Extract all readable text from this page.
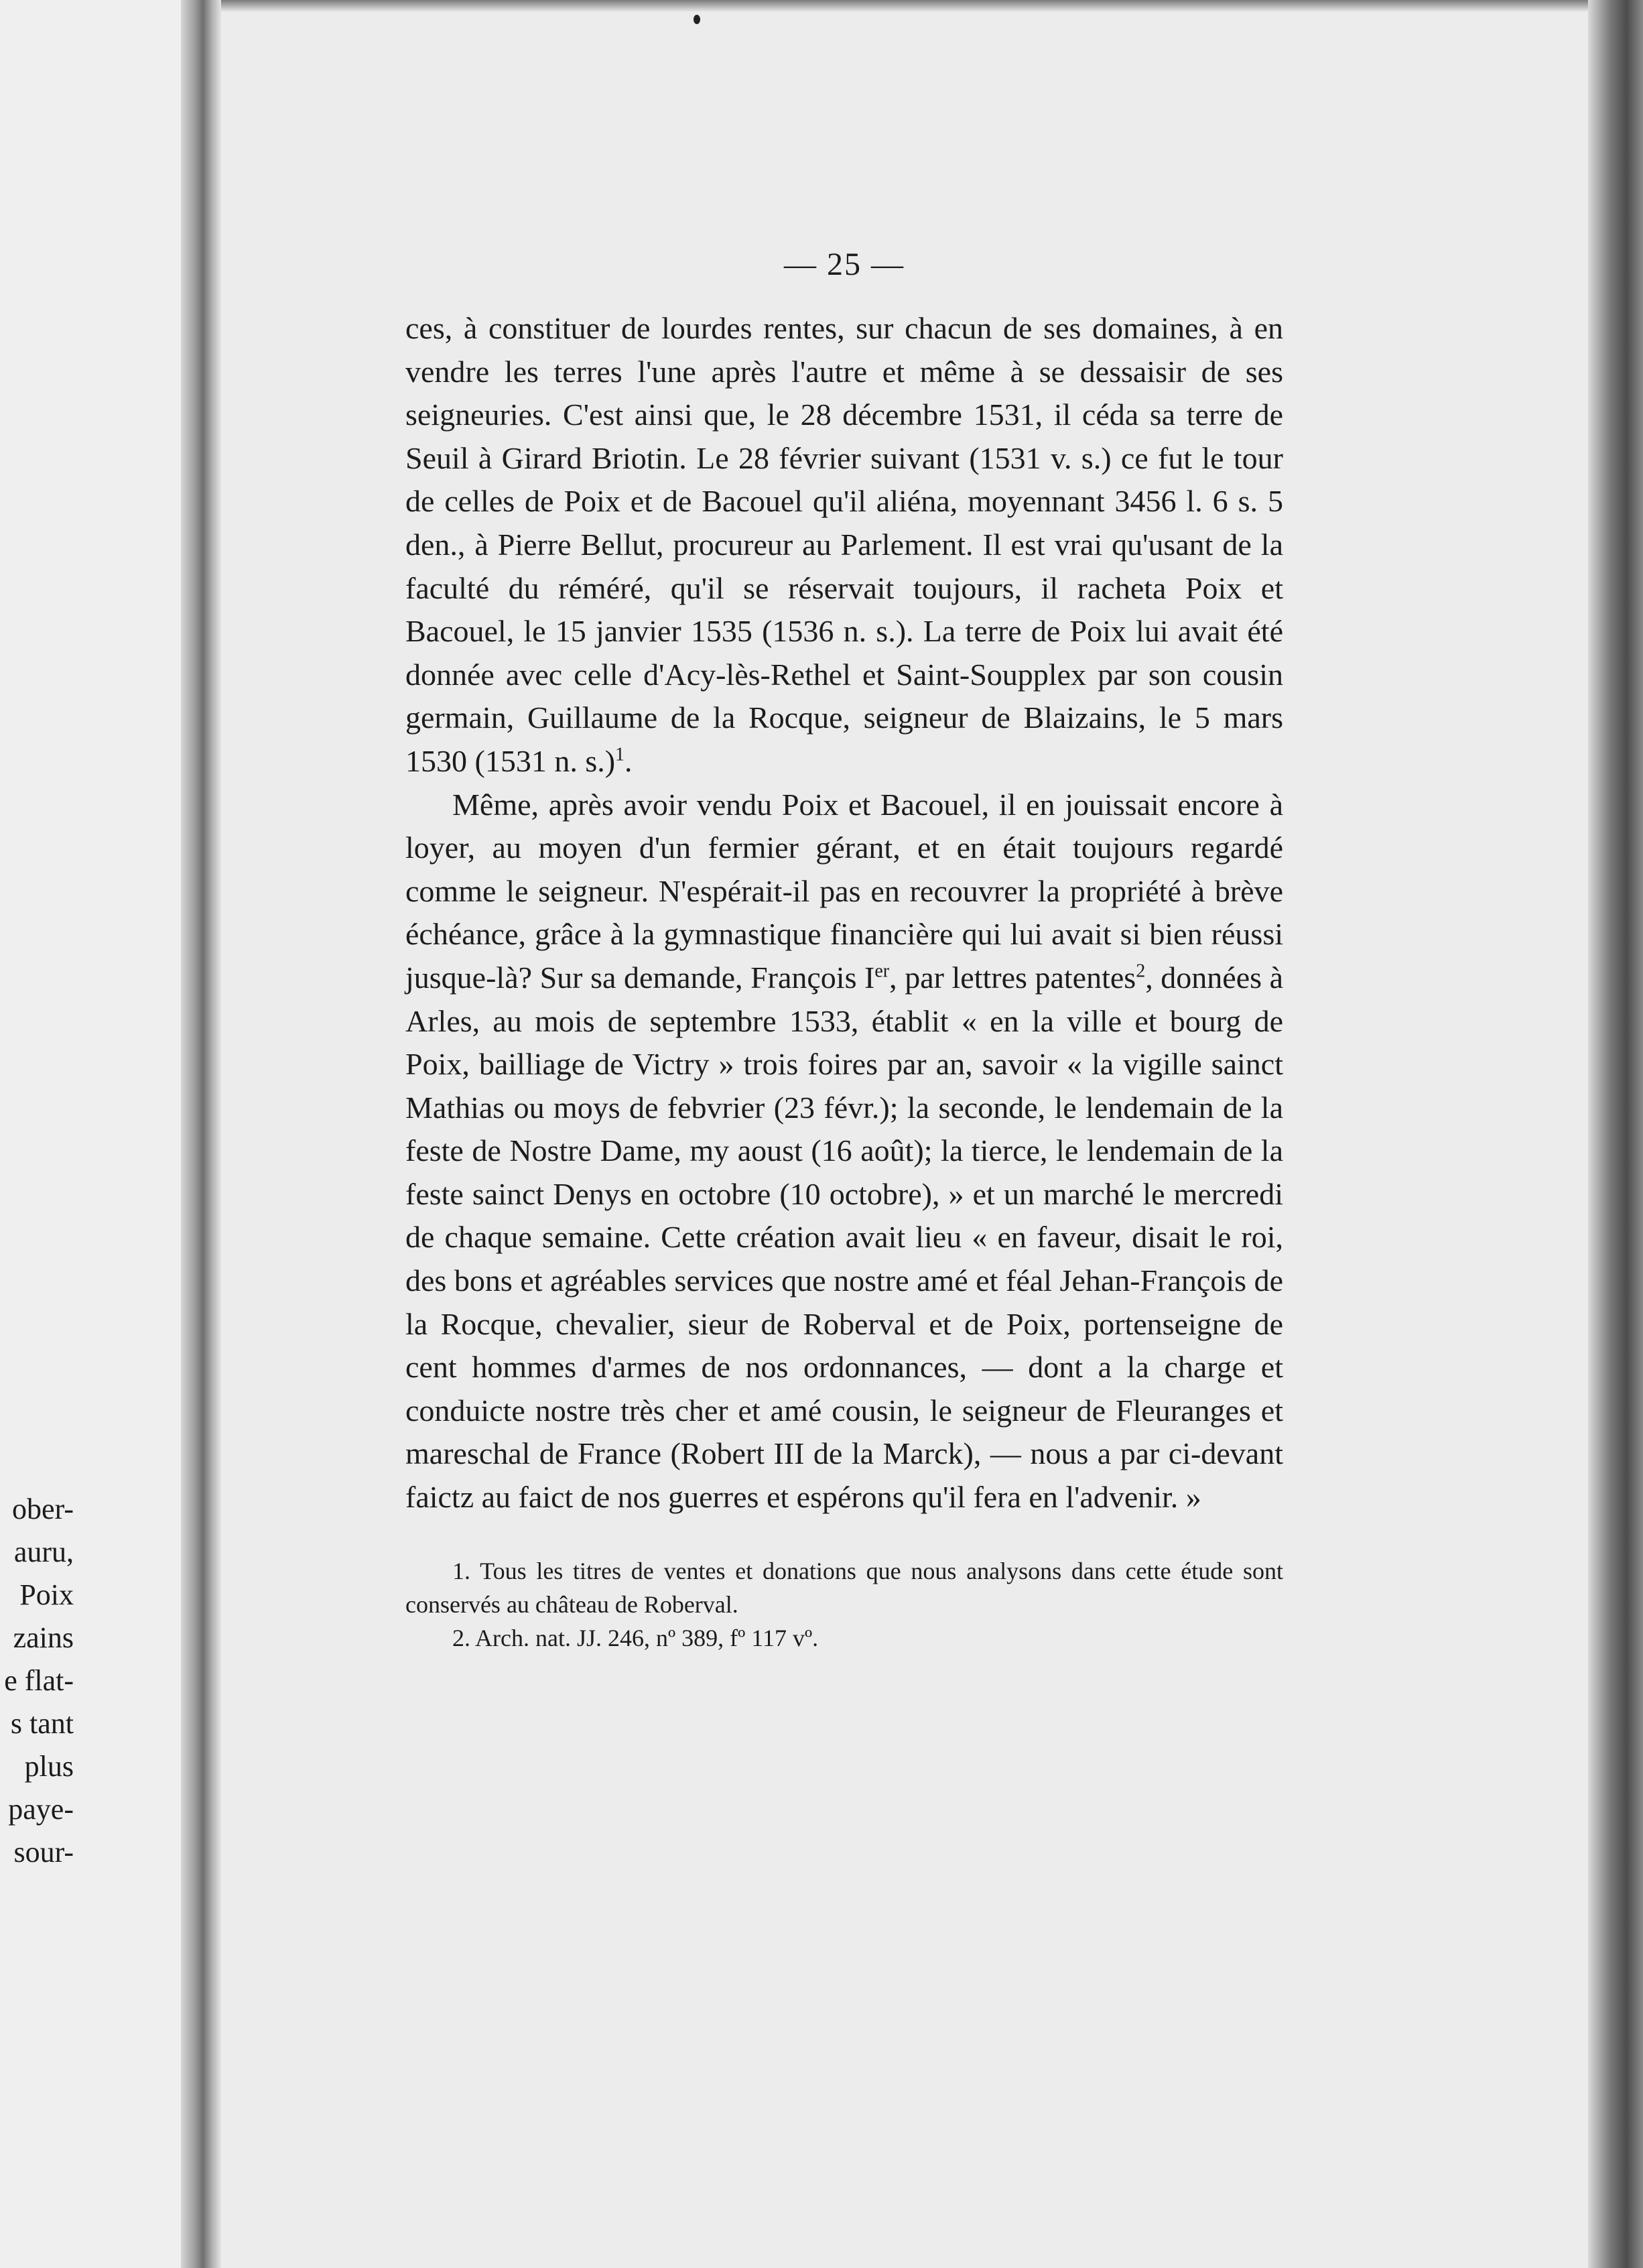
ober-
auru,
Poix
zains
e flat-
s tant
plus
paye-
sour-
— 25 —

ces, à constituer de lourdes rentes, sur chacun de ses domaines, à en vendre les terres l'une après l'autre et même à se dessaisir de ses seigneuries. C'est ainsi que, le 28 décembre 1531, il céda sa terre de Seuil à Girard Briotin. Le 28 février suivant (1531 v. s.) ce fut le tour de celles de Poix et de Bacouel qu'il aliéna, moyennant 3456 l. 6 s. 5 den., à Pierre Bellut, procureur au Parlement. Il est vrai qu'usant de la faculté du réméré, qu'il se réservait toujours, il racheta Poix et Bacouel, le 15 janvier 1535 (1536 n. s.). La terre de Poix lui avait été donnée avec celle d'Acy-lès-Rethel et Saint-Soupplex par son cousin germain, Guillaume de la Rocque, seigneur de Blaizains, le 5 mars 1530 (1531 n. s.)$^1$.

Même, après avoir vendu Poix et Bacouel, il en jouissait encore à loyer, au moyen d'un fermier gérant, et en était toujours regardé comme le seigneur. N'espérait-il pas en recouvrer la propriété à brève échéance, grâce à la gymnastique financière qui lui avait si bien réussi jusque-là? Sur sa demande, François Ier, par lettres patentes$^2$, données à Arles, au mois de septembre 1533, établit « en la ville et bourg de Poix, bailliage de Victry » trois foires par an, savoir « la vigille sainct Mathias ou moys de febvrier (23 févr.); la seconde, le lendemain de la feste de Nostre Dame, my aoust (16 août); la tierce, le lendemain de la feste sainct Denys en octobre (10 octobre), » et un marché le mercredi de chaque semaine. Cette création avait lieu « en faveur, disait le roi, des bons et agréables services que nostre amé et féal Jehan-François de la Rocque, chevalier, sieur de Roberval et de Poix, portenseigne de cent hommes d'armes de nos ordonnances, — dont a la charge et conduicte nostre très cher et amé cousin, le seigneur de Fleuranges et mareschal de France (Robert III de la Marck), — nous a par ci-devant faictz au faict de nos guerres et espérons qu'il fera en l'advenir. »

1. Tous les titres de ventes et donations que nous analysons dans cette étude sont conservés au château de Roberval.

2. Arch. nat. JJ. 246, nº 389, fº 117 vº.
